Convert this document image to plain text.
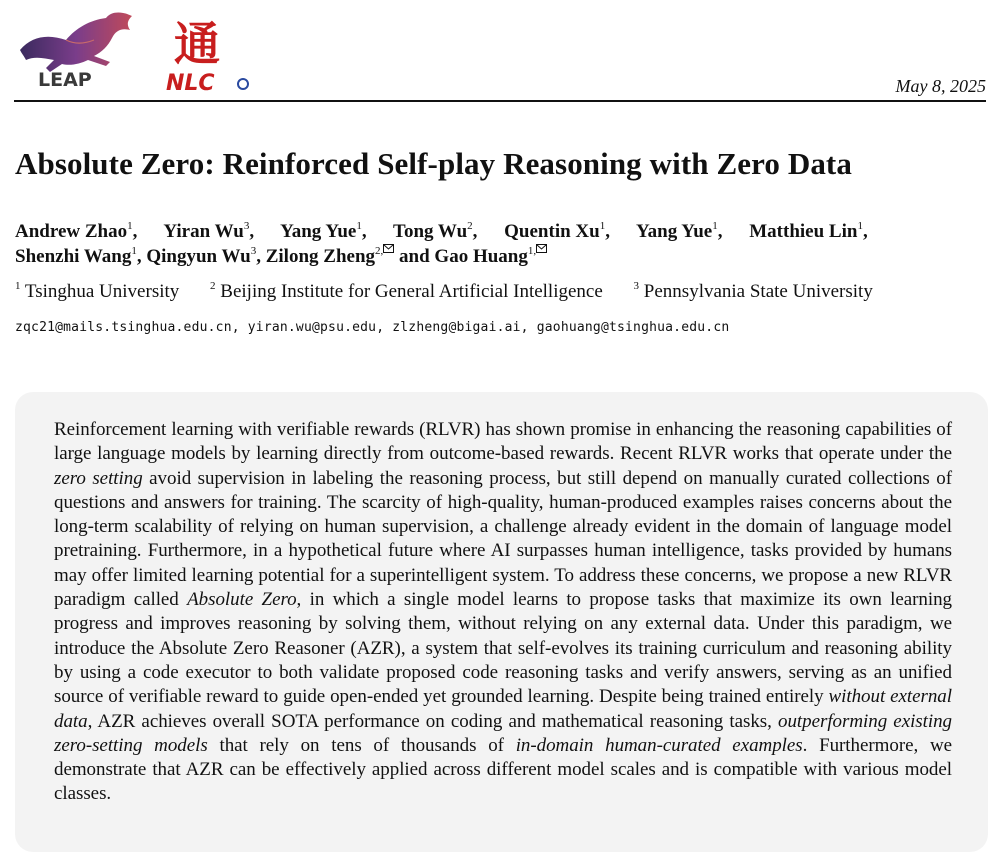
LEAP
通
NLC	May 8, 2025
Absolute Zero: Reinforced Self-play Reasoning with Zero Data
Andrew Zhao$^1$, Yiran Wu$^3$, Yang Yue$^1$, Tong Wu$^2$, Quentin Xu$^1$, Yang Yue$^1$, Matthieu Lin$^1$,
Shenzhi Wang$^1$, Qingyun Wu$^3$, Zilong Zheng$^{2,}$ and Gao Huang$^{1,}$
$^1$ Tsinghua University	$^2$ Beijing Institute for General Artificial Intelligence	$^3$ Pennsylvania State University
zqc21@mails.tsinghua.edu.cn, yiran.wu@psu.edu, zlzheng@bigai.ai, gaohuang@tsinghua.edu.cn

Reinforcement learning with verifiable rewards (RLVR) has shown promise in enhancing the reasoning capabilities of large language models by learning directly from outcome-based rewards. Recent RLVR works that operate under the zero setting avoid supervision in labeling the reasoning process, but still depend on manually curated collections of questions and answers for training. The scarcity of high-quality, human-produced examples raises concerns about the long-term scalability of relying on human supervision, a challenge already evident in the domain of language model pretraining. Furthermore, in a hypothetical future where AI surpasses human intelligence, tasks provided by humans may offer limited learning potential for a superintelligent system. To address these concerns, we propose a new RLVR paradigm called Absolute Zero, in which a single model learns to propose tasks that maximize its own learning progress and improves reasoning by solving them, without relying on any external data. Under this paradigm, we introduce the Absolute Zero Reasoner (AZR), a system that self-evolves its training curriculum and reasoning ability by using a code executor to both validate proposed code reasoning tasks and verify answers, serving as an unified source of verifiable reward to guide open-ended yet grounded learning. Despite being trained entirely without external data, AZR achieves overall SOTA performance on coding and mathematical reasoning tasks, outperforming existing zero-setting models that rely on tens of thousands of in-domain human-curated examples. Furthermore, we demonstrate that AZR can be effectively applied across different model scales and is compatible with various model classes.
